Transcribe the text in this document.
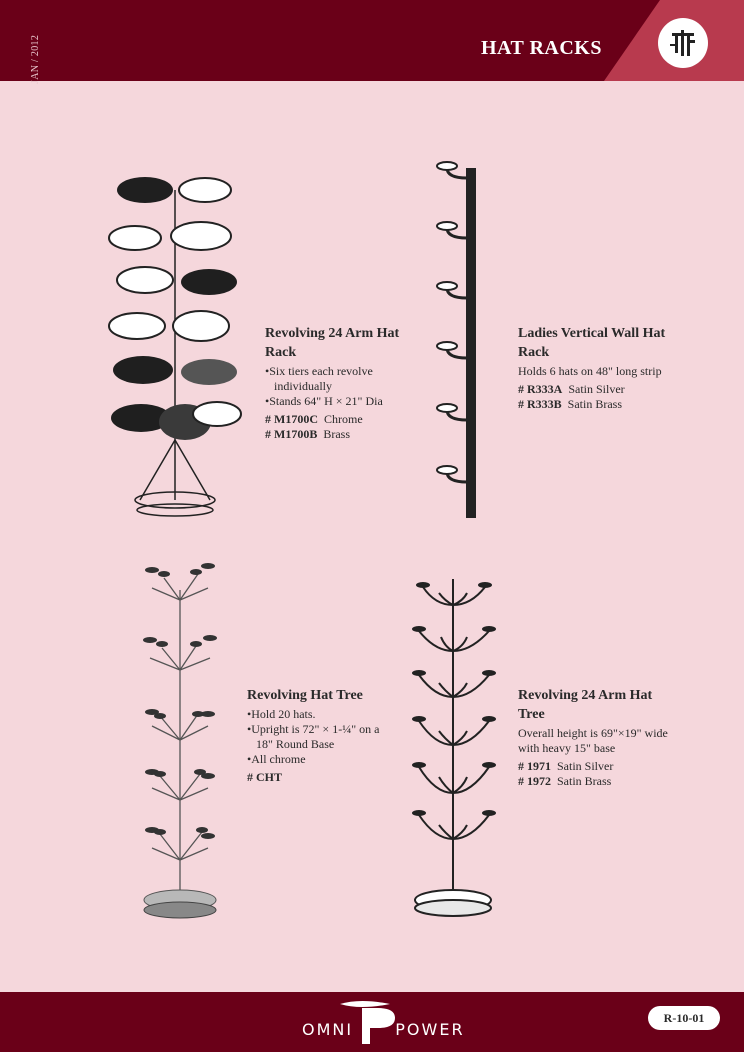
JAN / 2012	HAT RACKS
Revolving 24 Arm Hat Rack
• Six tiers each revolve individually
• Stands 64" H × 21" Dia
# M1700C Chrome
# M1700B Brass
Ladies Vertical Wall Hat Rack

Holds 6 hats on 48" long strip

# R333A Satin Silver
# R333B Satin Brass
Revolving Hat Tree
• Hold 20 hats.
• Upright is 72" × 1-¼" on a 18" Round Base
• All chrome
# CHT
Revolving 24 Arm Hat Tree

Overall height is 69"×19" wide with heavy 15" base

# 1971 Satin Silver
# 1972 Satin Brass
OMNI	POWER
R-10-01
